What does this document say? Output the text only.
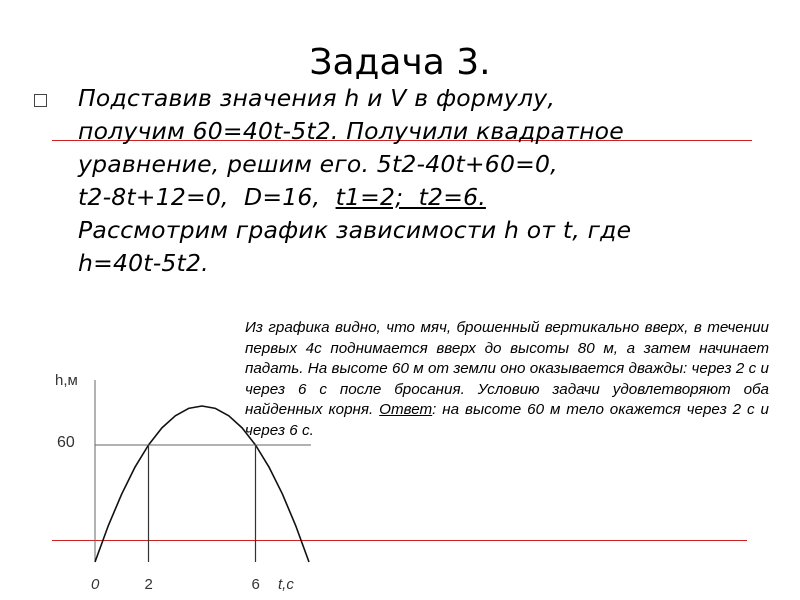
Задача 3.
Подставив значения h и V в формулу,
получим 60=40t-5t2. Получили квадратное
уравнение, решим его. 5t2-40t+60=0,
t2-8t+12=0,  D=16,  t1=2;  t2=6.
Рассмотрим график зависимости h от t, где
h=40t-5t2.

Из графика видно, что мяч, брошенный вертикально вверх, в течении первых 4с поднимается вверх до высоты 80 м, а затем начинает падать. На высоте 60 м от земли оно оказывается дважды: через 2 с и через 6 с после бросания. Условию задачи удовлетворяют оба найденных корня. Ответ: на высоте 60 м тело окажется через 2 с и через 6 с.

h,м
t,c
0	2	6
60
